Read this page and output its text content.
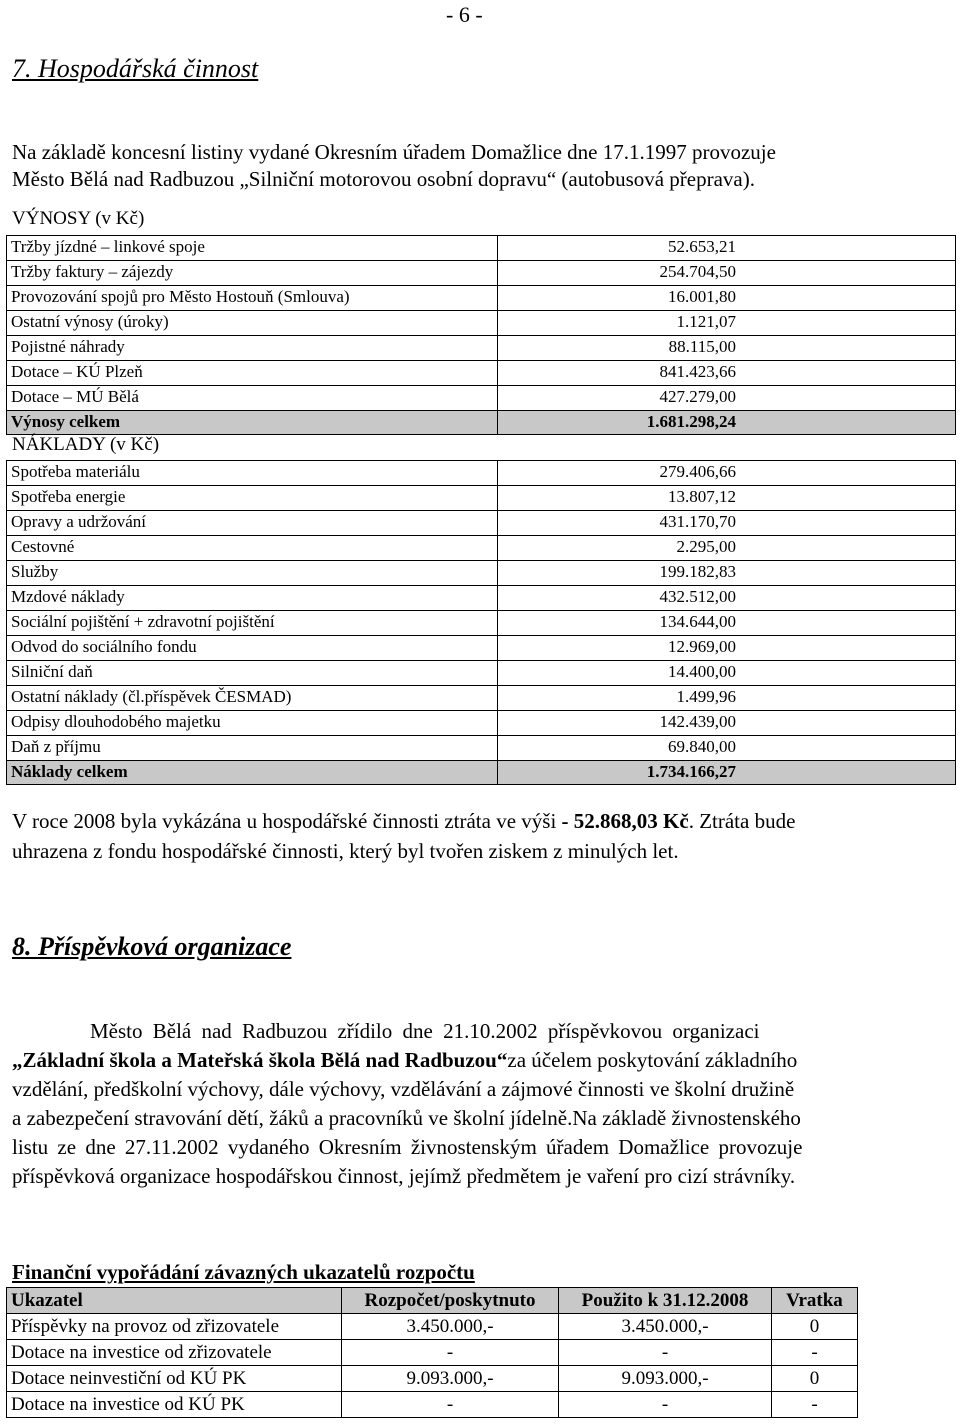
- 6 -
7. Hospodářská činnost
Na základě koncesní listiny vydané Okresním úřadem Domažlice dne 17.1.1997 provozuje
Město Bělá nad Radbuzou „Silniční motorovou osobní dopravu“ (autobusová přeprava).
VÝNOSY (v Kč)
Tržby jízdné – linkové spoje	52.653,21
Tržby faktury – zájezdy	254.704,50
Provozování spojů pro Město Hostouň (Smlouva)	16.001,80
Ostatní výnosy (úroky)	1.121,07
Pojistné náhrady	88.115,00
Dotace – KÚ Plzeň	841.423,66
Dotace – MÚ Bělá	427.279,00
Výnosy celkem	1.681.298,24
NÁKLADY (v Kč)
Spotřeba materiálu	279.406,66
Spotřeba energie	13.807,12
Opravy a udržování	431.170,70
Cestovné	2.295,00
Služby	199.182,83
Mzdové náklady	432.512,00
Sociální pojištění + zdravotní pojištění	134.644,00
Odvod do sociálního fondu	12.969,00
Silniční daň	14.400,00
Ostatní náklady (čl.příspěvek ČESMAD)	1.499,96
Odpisy dlouhodobého majetku	142.439,00
Daň z příjmu	69.840,00
Náklady celkem	1.734.166,27
V roce 2008 byla vykázána u hospodářské činnosti ztráta ve výši - 52.868,03 Kč. Ztráta bude
uhrazena z fondu hospodářské činnosti, který byl tvořen ziskem z minulých let.
8. Příspěvková organizace
Město Bělá nad Radbuzou zřídilo dne 21.10.2002 příspěvkovou organizaci
„Základní škola a Mateřská škola Bělá nad Radbuzou“za účelem poskytování základního
vzdělání, předškolní výchovy, dále výchovy, vzdělávání a zájmové činnosti ve školní družině
a zabezpečení stravování dětí, žáků a pracovníků ve školní jídelně.Na základě živnostenského
listu ze dne 27.11.2002 vydaného Okresním živnostenským úřadem Domažlice provozuje
příspěvková organizace hospodářskou činnost, jejímž předmětem je vaření pro cizí strávníky.
Finanční vypořádání závazných ukazatelů rozpočtu
Ukazatel	Rozpočet/poskytnuto	Použito k 31.12.2008	Vratka
Příspěvky na provoz od zřizovatele	3.450.000,-	3.450.000,-	0
Dotace na investice od zřizovatele	-	-	-
Dotace neinvestiční od KÚ PK	9.093.000,-	9.093.000,-	0
Dotace na investice od KÚ PK	-	-	-
